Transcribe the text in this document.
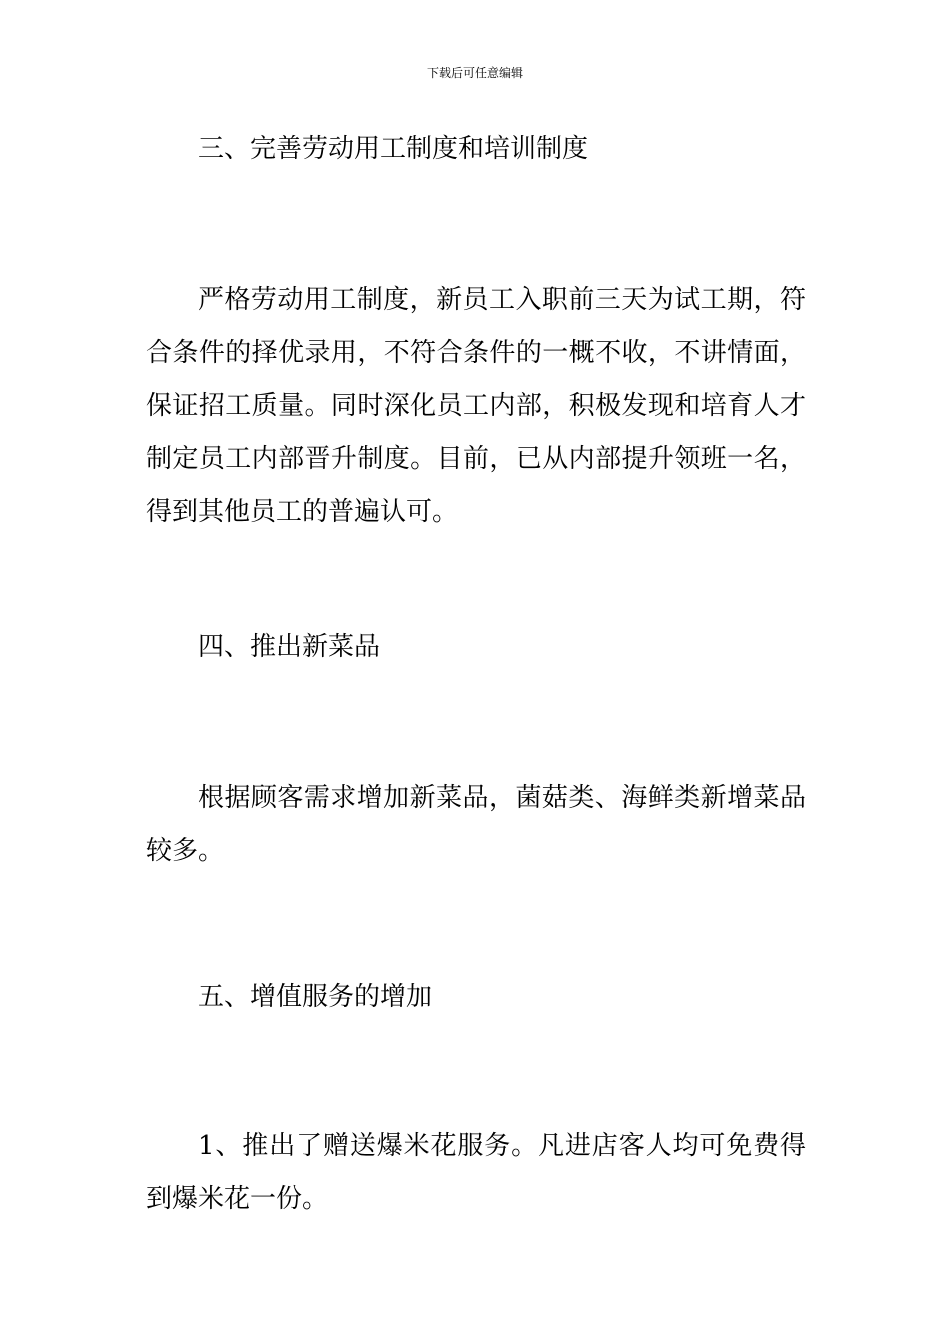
下载后可任意编辑

三、完善劳动用工制度和培训制度

严格劳动用工制度，新员工入职前三天为试工期，符合条件的择优录用，不符合条件的一概不收，不讲情面，保证招工质量。同时深化员工内部，积极发现和培育人才制定员工内部晋升制度。目前，已从内部提升领班一名，得到其他员工的普遍认可。

四、推出新菜品

根据顾客需求增加新菜品，菌菇类、海鲜类新增菜品较多。

五、增值服务的增加

1、推出了赠送爆米花服务。凡进店客人均可免费得到爆米花一份。
